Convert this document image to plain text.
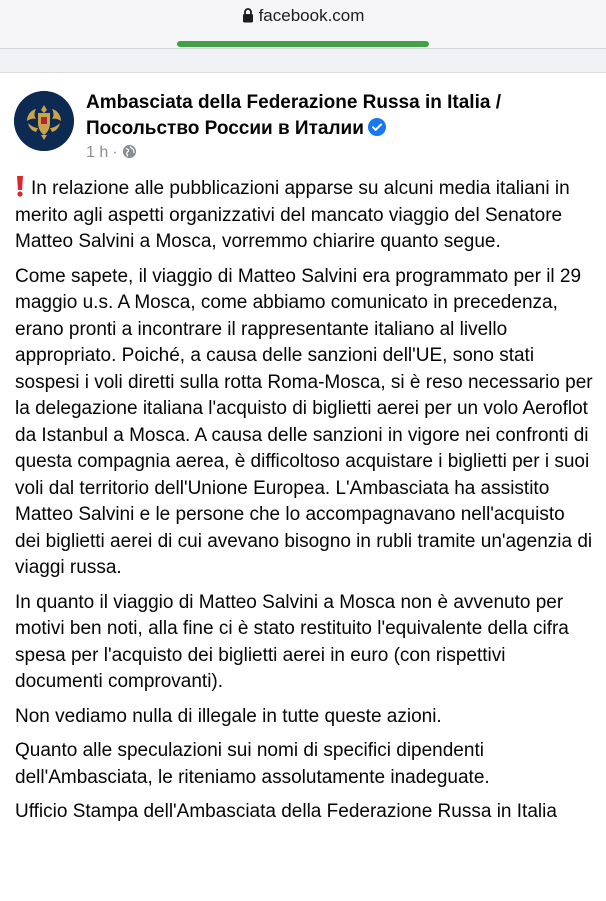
facebook.com
Ambasciata della Federazione Russa in Italia /
Посольство России в Италии
1 h ·

In relazione alle pubblicazioni apparse su alcuni media italiani in merito agli aspetti organizzativi del mancato viaggio del Senatore Matteo Salvini a Mosca, vorremmo chiarire quanto segue.

Come sapete, il viaggio di Matteo Salvini era programmato per il 29 maggio u.s. A Mosca, come abbiamo comunicato in precedenza, erano pronti a incontrare il rappresentante italiano al livello appropriato. Poiché, a causa delle sanzioni dell'UE, sono stati sospesi i voli diretti sulla rotta Roma-Mosca, si è reso necessario per la delegazione italiana l'acquisto di biglietti aerei per un volo Aeroflot da Istanbul a Mosca. A causa delle sanzioni in vigore nei confronti di questa compagnia aerea, è difficoltoso acquistare i biglietti per i suoi voli dal territorio dell'Unione Europea. L'Ambasciata ha assistito Matteo Salvini e le persone che lo accompagnavano nell'acquisto dei biglietti aerei di cui avevano bisogno in rubli tramite un'agenzia di viaggi russa.

In quanto il viaggio di Matteo Salvini a Mosca non è avvenuto per motivi ben noti, alla fine ci è stato restituito l'equivalente della cifra spesa per l'acquisto dei biglietti aerei in euro (con rispettivi documenti comprovanti).

Non vediamo nulla di illegale in tutte queste azioni.

Quanto alle speculazioni sui nomi di specifici dipendenti dell'Ambasciata, le riteniamo assolutamente inadeguate.

Ufficio Stampa dell'Ambasciata della Federazione Russa in Italia
